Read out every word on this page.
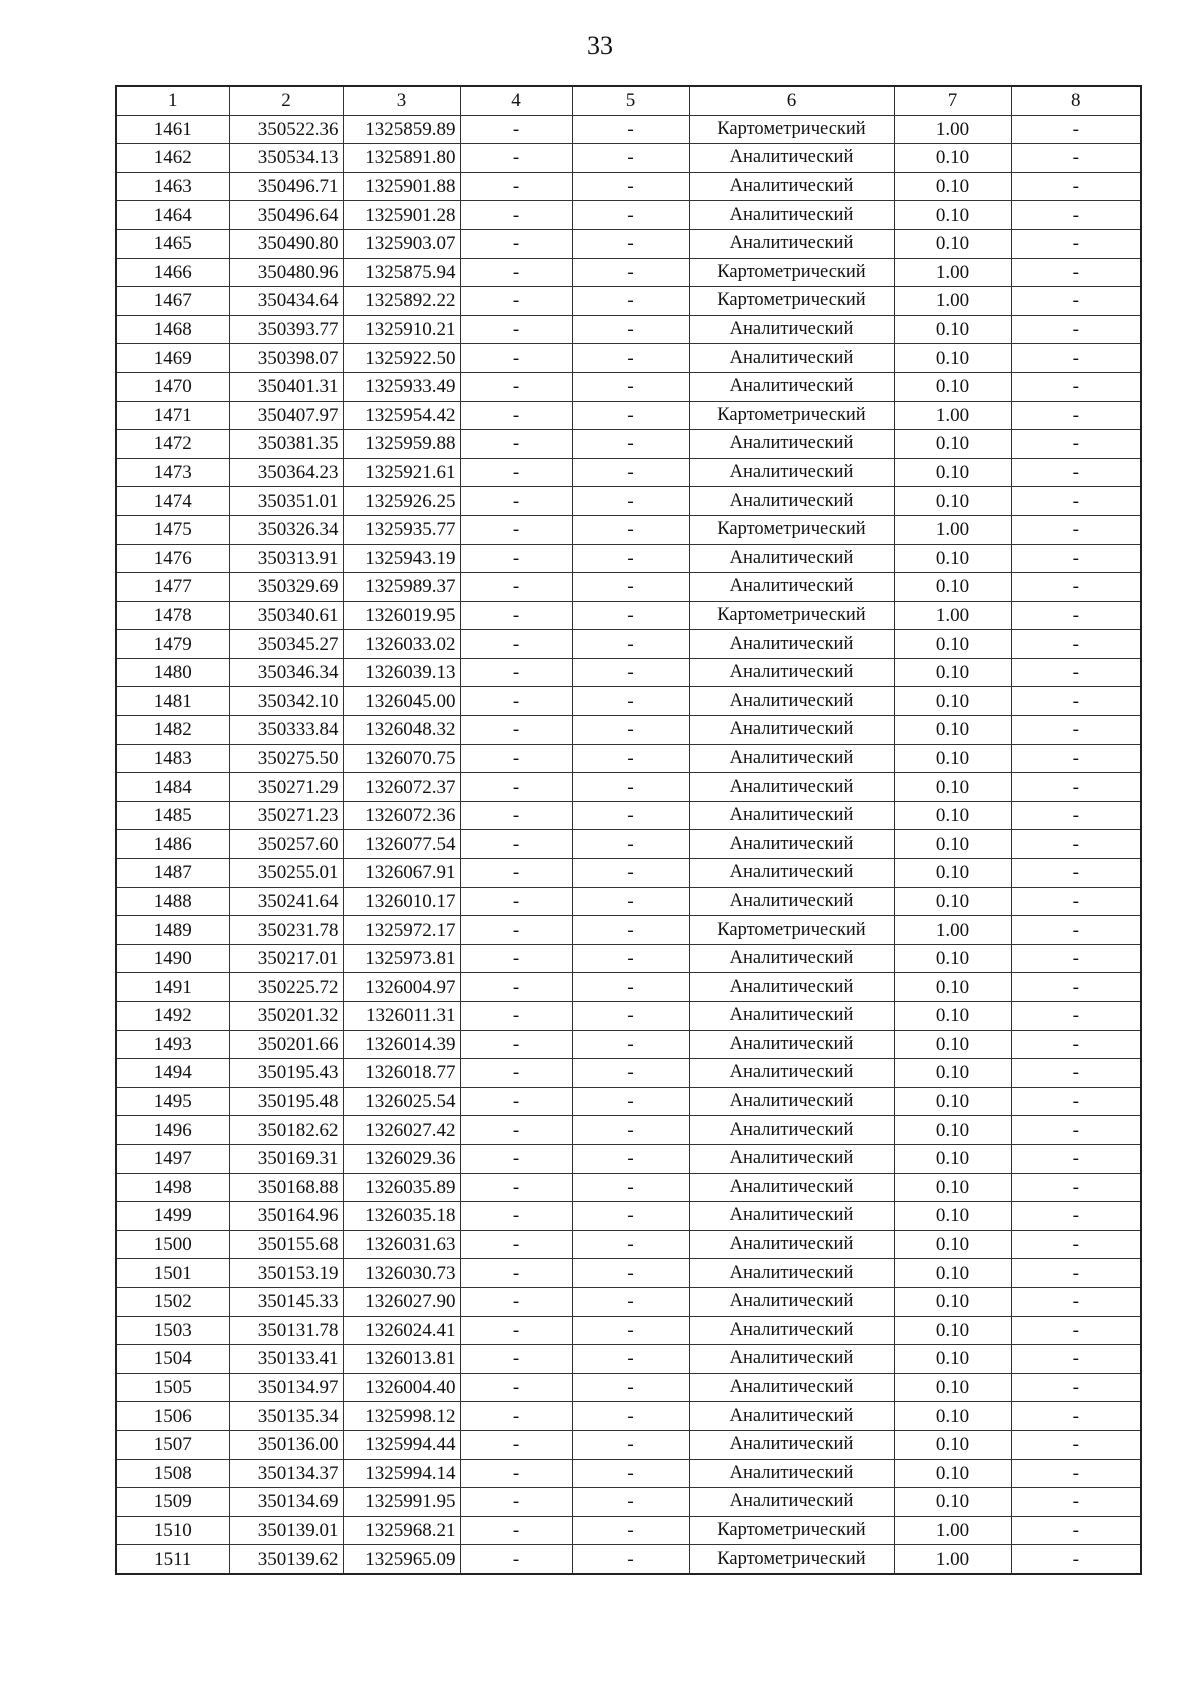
33
1	2	3	4	5	6	7	8
1461	350522.36	1325859.89	-	-	Картометрический	1.00	-
1462	350534.13	1325891.80	-	-	Аналитический	0.10	-
1463	350496.71	1325901.88	-	-	Аналитический	0.10	-
1464	350496.64	1325901.28	-	-	Аналитический	0.10	-
1465	350490.80	1325903.07	-	-	Аналитический	0.10	-
1466	350480.96	1325875.94	-	-	Картометрический	1.00	-
1467	350434.64	1325892.22	-	-	Картометрический	1.00	-
1468	350393.77	1325910.21	-	-	Аналитический	0.10	-
1469	350398.07	1325922.50	-	-	Аналитический	0.10	-
1470	350401.31	1325933.49	-	-	Аналитический	0.10	-
1471	350407.97	1325954.42	-	-	Картометрический	1.00	-
1472	350381.35	1325959.88	-	-	Аналитический	0.10	-
1473	350364.23	1325921.61	-	-	Аналитический	0.10	-
1474	350351.01	1325926.25	-	-	Аналитический	0.10	-
1475	350326.34	1325935.77	-	-	Картометрический	1.00	-
1476	350313.91	1325943.19	-	-	Аналитический	0.10	-
1477	350329.69	1325989.37	-	-	Аналитический	0.10	-
1478	350340.61	1326019.95	-	-	Картометрический	1.00	-
1479	350345.27	1326033.02	-	-	Аналитический	0.10	-
1480	350346.34	1326039.13	-	-	Аналитический	0.10	-
1481	350342.10	1326045.00	-	-	Аналитический	0.10	-
1482	350333.84	1326048.32	-	-	Аналитический	0.10	-
1483	350275.50	1326070.75	-	-	Аналитический	0.10	-
1484	350271.29	1326072.37	-	-	Аналитический	0.10	-
1485	350271.23	1326072.36	-	-	Аналитический	0.10	-
1486	350257.60	1326077.54	-	-	Аналитический	0.10	-
1487	350255.01	1326067.91	-	-	Аналитический	0.10	-
1488	350241.64	1326010.17	-	-	Аналитический	0.10	-
1489	350231.78	1325972.17	-	-	Картометрический	1.00	-
1490	350217.01	1325973.81	-	-	Аналитический	0.10	-
1491	350225.72	1326004.97	-	-	Аналитический	0.10	-
1492	350201.32	1326011.31	-	-	Аналитический	0.10	-
1493	350201.66	1326014.39	-	-	Аналитический	0.10	-
1494	350195.43	1326018.77	-	-	Аналитический	0.10	-
1495	350195.48	1326025.54	-	-	Аналитический	0.10	-
1496	350182.62	1326027.42	-	-	Аналитический	0.10	-
1497	350169.31	1326029.36	-	-	Аналитический	0.10	-
1498	350168.88	1326035.89	-	-	Аналитический	0.10	-
1499	350164.96	1326035.18	-	-	Аналитический	0.10	-
1500	350155.68	1326031.63	-	-	Аналитический	0.10	-
1501	350153.19	1326030.73	-	-	Аналитический	0.10	-
1502	350145.33	1326027.90	-	-	Аналитический	0.10	-
1503	350131.78	1326024.41	-	-	Аналитический	0.10	-
1504	350133.41	1326013.81	-	-	Аналитический	0.10	-
1505	350134.97	1326004.40	-	-	Аналитический	0.10	-
1506	350135.34	1325998.12	-	-	Аналитический	0.10	-
1507	350136.00	1325994.44	-	-	Аналитический	0.10	-
1508	350134.37	1325994.14	-	-	Аналитический	0.10	-
1509	350134.69	1325991.95	-	-	Аналитический	0.10	-
1510	350139.01	1325968.21	-	-	Картометрический	1.00	-
1511	350139.62	1325965.09	-	-	Картометрический	1.00	-
